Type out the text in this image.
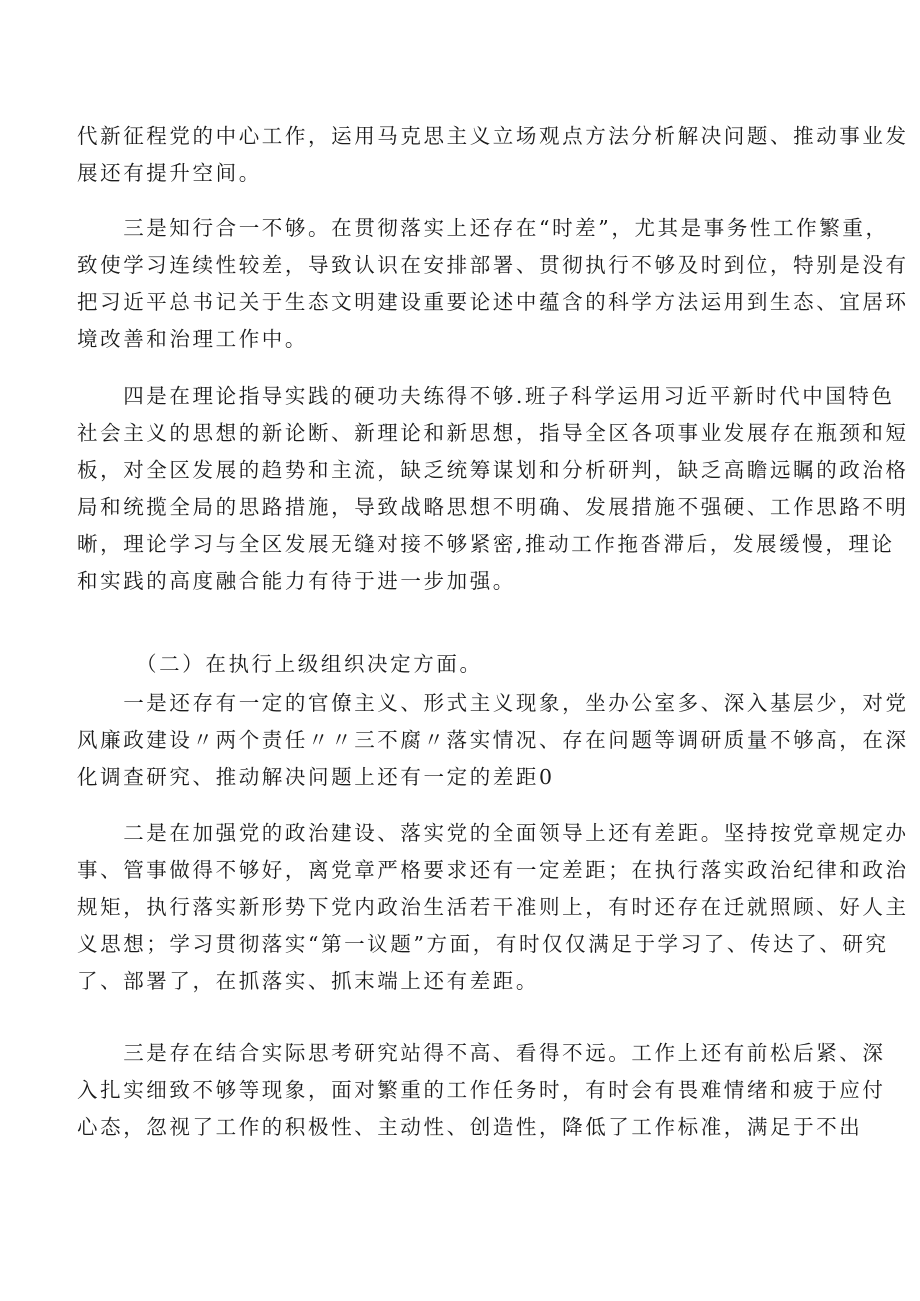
代新征程党的中心工作，运用马克思主义立场观点方法分析解决问题、推动事业发
展还有提升空间。
　　三是知行合一不够。在贯彻落实上还存在“时差”，尤其是事务性工作繁重，
致使学习连续性较差，导致认识在安排部署、贯彻执行不够及时到位，特别是没有
把习近平总书记关于生态文明建设重要论述中蕴含的科学方法运用到生态、宜居环
境改善和治理工作中。
　　四是在理论指导实践的硬功夫练得不够.班子科学运用习近平新时代中国特色
社会主义的思想的新论断、新理论和新思想，指导全区各项事业发展存在瓶颈和短
板，对全区发展的趋势和主流，缺乏统筹谋划和分析研判，缺乏高瞻远瞩的政治格
局和统揽全局的思路措施，导致战略思想不明确、发展措施不强硬、工作思路不明
晰，理论学习与全区发展无缝对接不够紧密,推动工作拖沓滞后，发展缓慢，理论
和实践的高度融合能力有待于进一步加强。
　　　（二）在执行上级组织决定方面。
　　一是还存有一定的官僚主义、形式主义现象，坐办公室多、深入基层少，对党
风廉政建设〃两个责任〃〃三不腐〃落实情况、存在问题等调研质量不够高，在深
化调查研究、推动解决问题上还有一定的差距0
　　二是在加强党的政治建设、落实党的全面领导上还有差距。坚持按党章规定办
事、管事做得不够好，离党章严格要求还有一定差距；在执行落实政治纪律和政治
规矩，执行落实新形势下党内政治生活若干准则上，有时还存在迁就照顾、好人主
义思想；学习贯彻落实“第一议题”方面，有时仅仅满足于学习了、传达了、研究
了、部署了，在抓落实、抓末端上还有差距。
　　三是存在结合实际思考研究站得不高、看得不远。工作上还有前松后紧、深
入扎实细致不够等现象，面对繁重的工作任务时，有时会有畏难情绪和疲于应付
心态，忽视了工作的积极性、主动性、创造性，降低了工作标准，满足于不出
